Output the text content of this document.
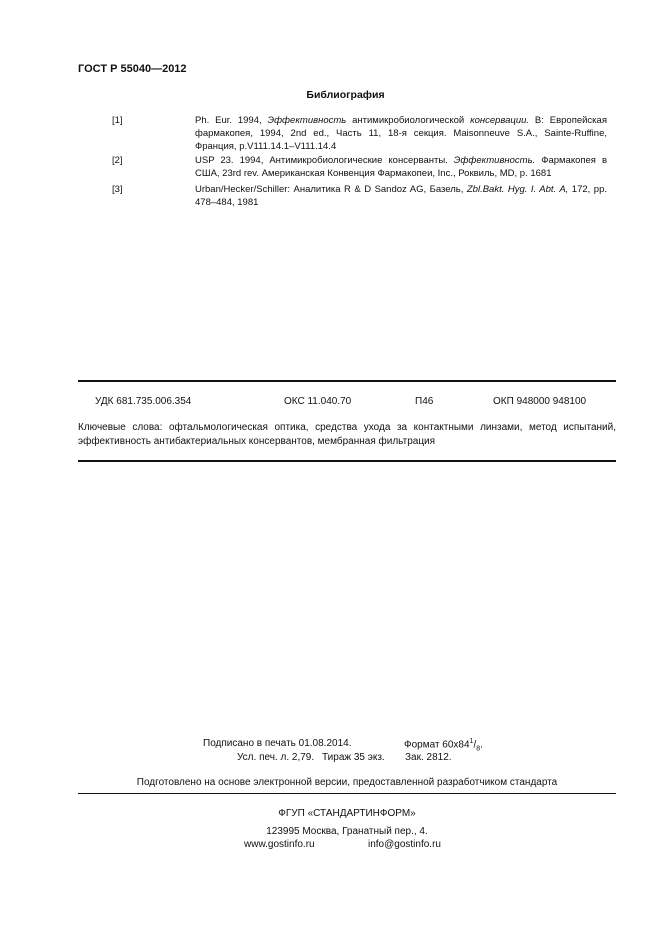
ГОСТ Р 55040—2012
Библиография
[1]	Ph. Eur. 1994, Эффективность антимикробиологической консервации. В: Европейская фармакопея, 1994, 2nd ed., Часть 11, 18-я секция. Maisonneuve S.A., Sainte-Ruffine, Франция, p.V111.14.1–V111.14.4
[2]	USP 23. 1994, Антимикробиологические консерванты. Эффективность. Фармакопея в США, 23rd rev. Американская Конвенция Фармакопеи, Inc., Роквиль, MD, p. 1681
[3]	Urban/Hecker/Schiller: Аналитика R & D Sandoz AG, Базель, Zbl.Bakt. Hyg. I. Abt. A, 172, pp. 478–484, 1981
УДК 681.735.006.354	ОКС 11.040.70	П46	ОКП 948000 948100
Ключевые слова: офтальмологическая оптика, средства ухода за контактными линзами, метод испытаний, эффективность антибактериальных консервантов, мембранная фильтрация
Подписано в печать 01.08.2014.	Формат $60х84^1/_8$.
Усл. печ. л. 2,79. Тираж 35 экз. Зак. 2812.
Подготовлено на основе электронной версии, предоставленной разработчиком стандарта
ФГУП «СТАНДАРТИНФОРМ»
123995 Москва, Гранатный пер., 4.
www.gostinfo.ru	info@gostinfo.ru
